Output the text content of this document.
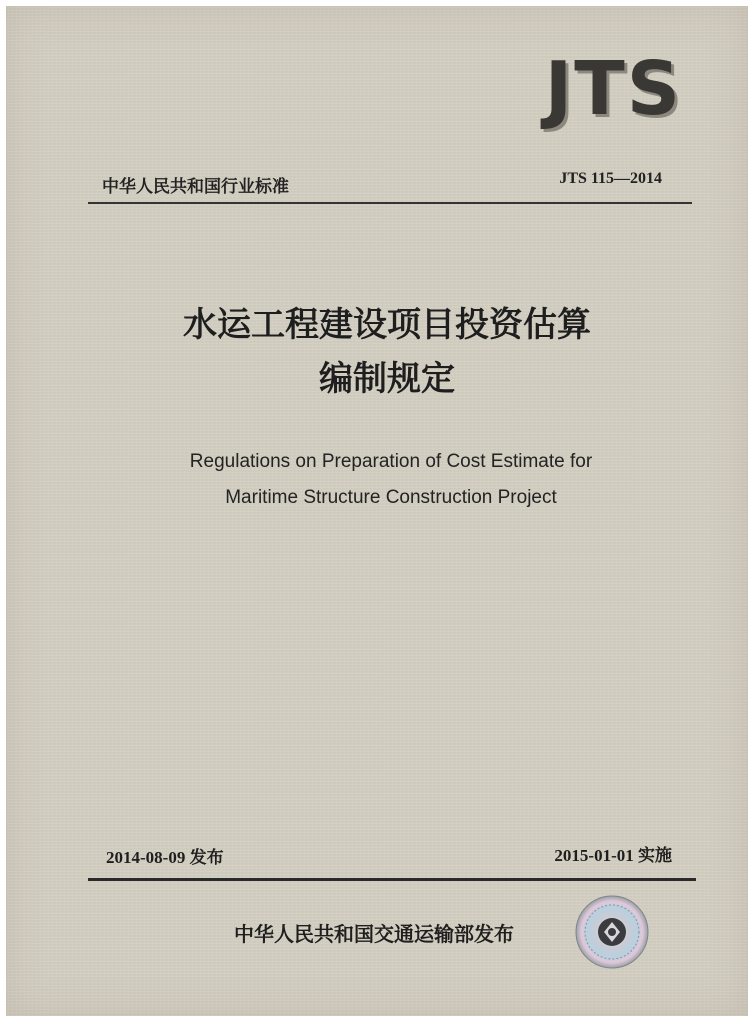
JTS
中华人民共和国行业标准	JTS 115—2014
水运工程建设项目投资估算
编制规定
Regulations on Preparation of Cost Estimate for
Maritime Structure Construction Project
2014-08-09 发布	2015-01-01 实施
中华人民共和国交通运输部发布
